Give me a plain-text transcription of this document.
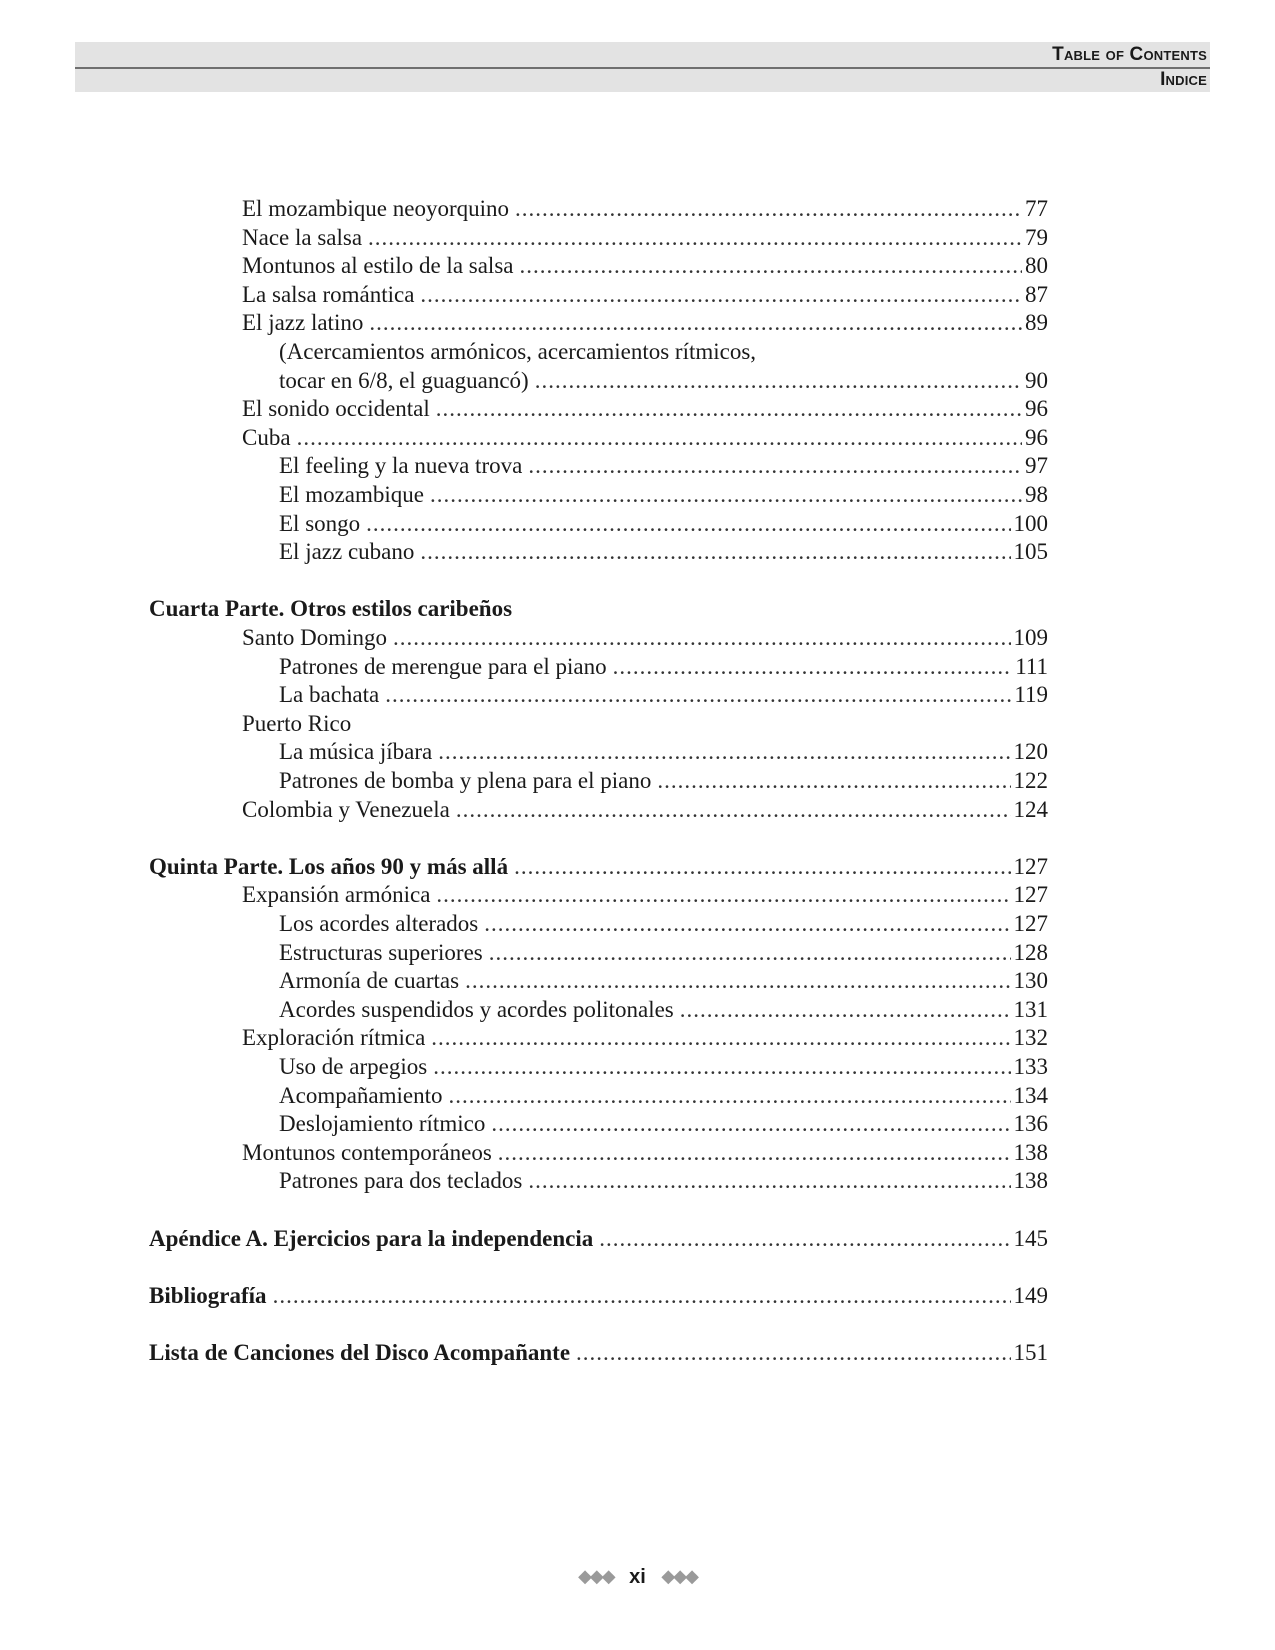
Table of Contents
Indice
El mozambique neoyorquino .....	77
Nace la salsa .....	79
Montunos al estilo de la salsa .....	80
La salsa romántica .....	87
El jazz latino .....	89
(Acercamientos armónicos, acercamientos rítmicos,
tocar en 6/8, el guaguancó) .....	90
El sonido occidental .....	96
Cuba .....	96
El feeling y la nueva trova .....	97
El mozambique .....	98
El songo .....	100
El jazz cubano .....	105
Cuarta Parte. Otros estilos caribeños
Santo Domingo .....	109
Patrones de merengue para el piano .....	111
La bachata .....	119
Puerto Rico
La música jíbara .....	120
Patrones de bomba y plena para el piano .....	122
Colombia y Venezuela .....	124
Quinta Parte. Los años 90 y más allá .....	127
Expansión armónica .....	127
Los acordes alterados .....	127
Estructuras superiores .....	128
Armonía de cuartas .....	130
Acordes suspendidos y acordes politonales .....	131
Exploración rítmica .....	132
Uso de arpegios .....	133
Acompañamiento .....	134
Deslojamiento rítmico .....	136
Montunos contemporáneos .....	138
Patrones para dos teclados .....	138
Apéndice A. Ejercicios para la independencia .....	145
Bibliografía .....	149
Lista de Canciones del Disco Acompañante .....	151
◆◆◆ xi ◆◆◆
